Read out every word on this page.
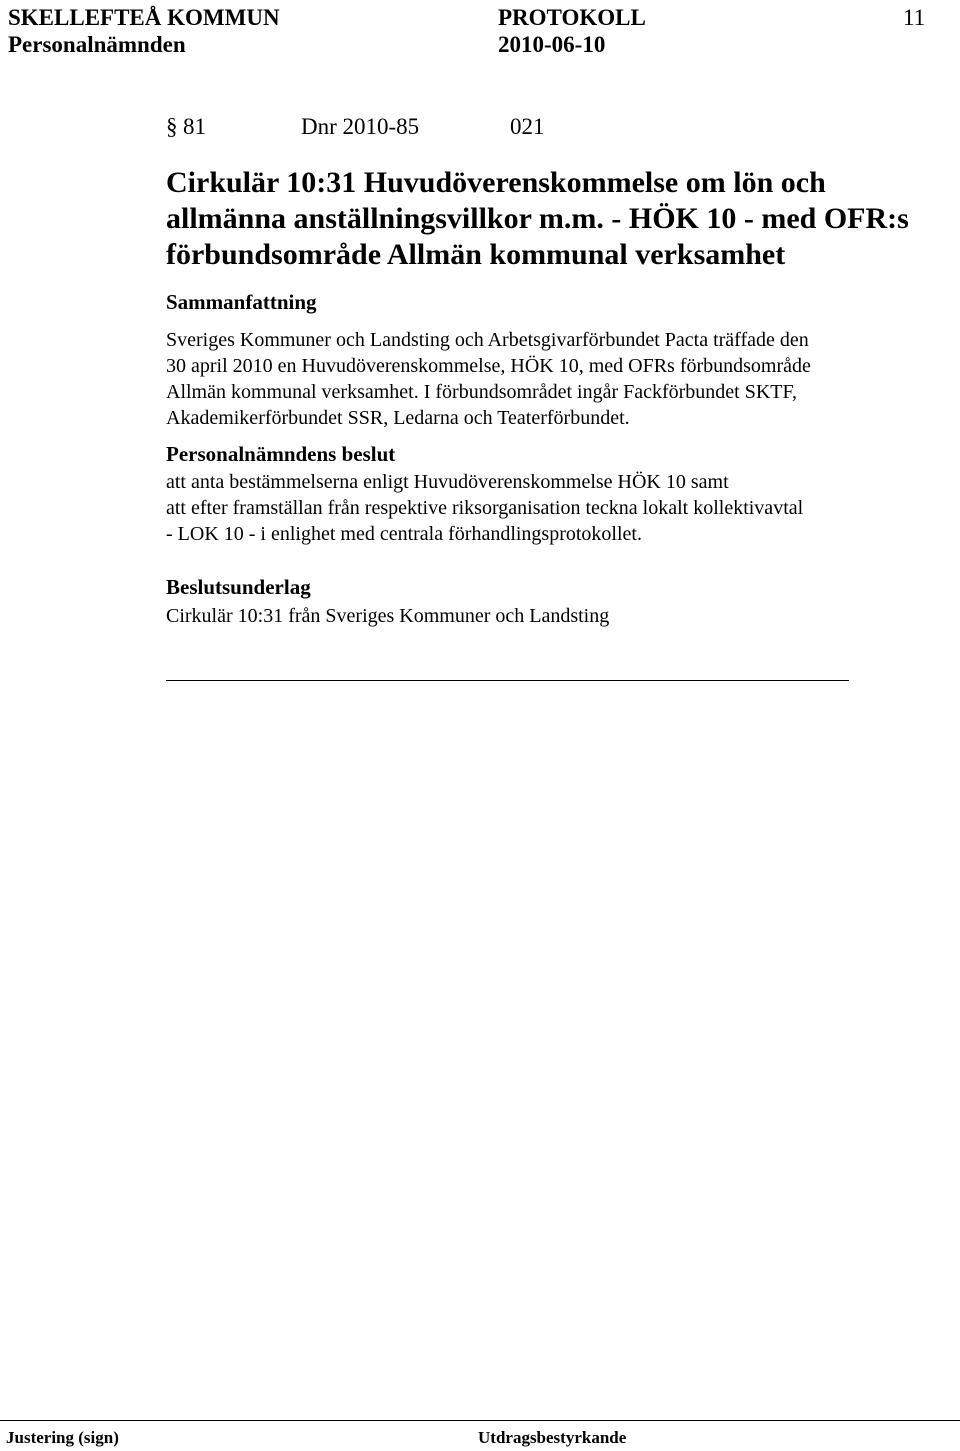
SKELLEFTEÅ KOMMUN	PROTOKOLL	11
Personalnämnden	2010-06-10
§ 81	Dnr 2010-85	021
Cirkulär 10:31 Huvudöverenskommelse om lön och
allmänna anställningsvillkor m.m. - HÖK 10 - med OFR:s
förbundsområde Allmän kommunal verksamhet
Sammanfattning
Sveriges Kommuner och Landsting och Arbetsgivarförbundet Pacta träffade den
30 april 2010 en Huvudöverenskommelse, HÖK 10, med OFRs förbundsområde
Allmän kommunal verksamhet. I förbundsområdet ingår Fackförbundet SKTF,
Akademikerförbundet SSR, Ledarna och Teaterförbundet.
Personalnämndens beslut
att anta bestämmelserna enligt Huvudöverenskommelse HÖK 10 samt
att efter framställan från respektive riksorganisation teckna lokalt kollektivavtal
- LOK 10 - i enlighet med centrala förhandlingsprotokollet.
Beslutsunderlag
Cirkulär 10:31 från Sveriges Kommuner och Landsting
Justering (sign)	Utdragsbestyrkande
